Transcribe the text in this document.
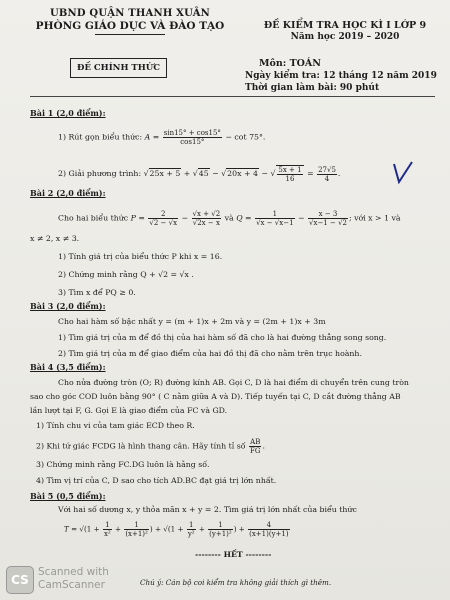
UBND QUẬN THANH XUÂN
PHÒNG GIÁO DỤC VÀ ĐÀO TẠO	ĐỀ KIỂM TRA HỌC KÌ I LỚP 9
Năm học 2019 – 2020
ĐỀ CHÍNH THỨC	Môn: TOÁN
Ngày kiểm tra: 12 tháng 12 năm 2019
Thời gian làm bài: 90 phút
Bài 1 (2,0 điểm):
1) Rút gọn biểu thức: $A = \frac{\sin 15^\circ + \cos 15^\circ}{\cos 15^\circ} - \cot 75^\circ$.
2) Giải phương trình: √25x + 5 + √45 − √20x + 4 − √ $\frac{5x + 1}{16} = \frac{27√5}{4}$ .
Bài 2 (2,0 điểm):
Cho hai biểu thức $P = \frac{2}{√2 - √x} - \frac{√x + √2}{√2x - x}$ và $Q = \frac{1}{√x - √x-1} - \frac{x - 3}{√x-1 - √2}$ ; với x > 1 và
x ≠ 2, x ≠ 3.
1) Tính giá trị của biểu thức P khi x = 16.
2) Chứng minh rằng Q + √2 = √x .
3) Tìm x để PQ ≥ 0.
Bài 3 (2,0 điểm):
Cho hai hàm số bậc nhất y = (m + 1)x + 2m và y = (2m + 1)x + 3m
1) Tìm giá trị của m để đồ thị của hai hàm số đã cho là hai đường thẳng song song.
2) Tìm giá trị của m để giao điểm của hai đồ thị đã cho nằm trên trục hoành.
Bài 4 (3,5 điểm):
Cho nửa đường tròn (O; R) đường kính AB. Gọi C, D là hai điểm di chuyển trên cung tròn
sao cho góc COD luôn bằng 90° ( C nằm giữa A và D). Tiếp tuyến tại C, D cắt đường thẳng AB
lần lượt tại F, G. Gọi E là giao điểm của FC và GD.
1) Tính chu vi của tam giác ECD theo R.
2) Khi tứ giác FCDG là hình thang cân. Hãy tính tỉ số $\frac{AB}{FG}$ .
3) Chứng minh rằng FC.DG luôn là hằng số.
4) Tìm vị trí của C, D sao cho tích AD.BC đạt giá trị lớn nhất.
Bài 5 (0,5 điểm):
Với hai số dương x, y thỏa mãn x + y = 2. Tìm giá trị lớn nhất của biểu thức
$T = √(1 + \frac{1}{\text{x²}} + \frac{1}{\text{(x+1)²}}$ ) + $√(1 + \frac{1}{\text{y²}} + \frac{1}{\text{(y+1)²}}$ ) + $\frac{4}{(x+1)(y+1)}$
-------- HẾT --------
Chú ý: Cán bộ coi kiểm tra không giải thích gì thêm.
CS
Scanned with
CamScanner
